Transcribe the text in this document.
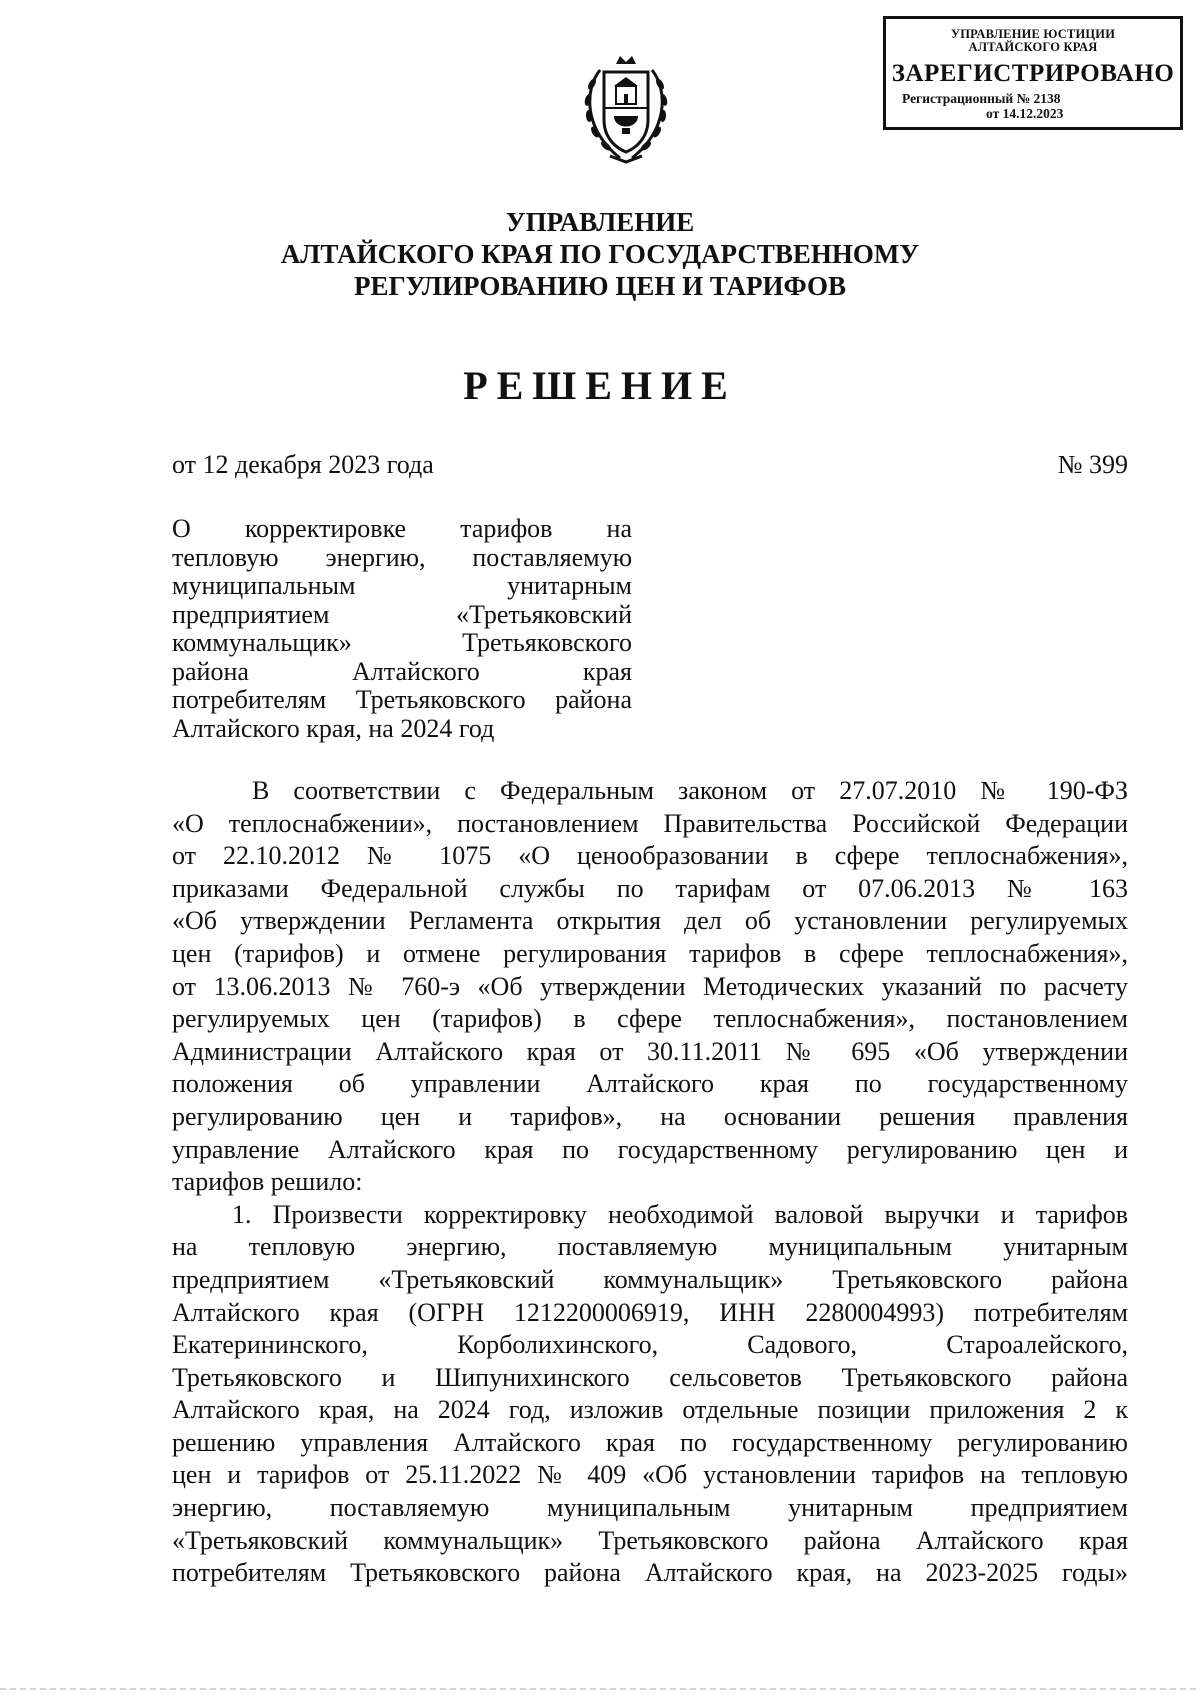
УПРАВЛЕНИЕ ЮСТИЦИИ
АЛТАЙСКОГО КРАЯ
ЗАРЕГИСТРИРОВАНО
Регистрационный № 2138
от 14.12.2023
УПРАВЛЕНИЕ
АЛТАЙСКОГО КРАЯ ПО ГОСУДАРСТВЕННОМУ
РЕГУЛИРОВАНИЮ ЦЕН И ТАРИФОВ
РЕШЕНИЕ
от 12 декабря 2023 года	№ 399
О корректировке тарифов на
тепловую энергию, поставляемую
муниципальным унитарным
предприятием «Третьяковский
коммунальщик» Третьяковского
района Алтайского края
потребителям Третьяковского района
Алтайского края, на 2024 год
В соответствии с Федеральным законом от 27.07.2010 № 190-ФЗ
«О теплоснабжении», постановлением Правительства Российской Федерации
от 22.10.2012 № 1075 «О ценообразовании в сфере теплоснабжения»,
приказами Федеральной службы по тарифам от 07.06.2013 № 163
«Об утверждении Регламента открытия дел об установлении регулируемых
цен (тарифов) и отмене регулирования тарифов в сфере теплоснабжения»,
от 13.06.2013 № 760-э «Об утверждении Методических указаний по расчету
регулируемых цен (тарифов) в сфере теплоснабжения», постановлением
Администрации Алтайского края от 30.11.2011 № 695 «Об утверждении
положения об управлении Алтайского края по государственному
регулированию цен и тарифов», на основании решения правления
управление Алтайского края по государственному регулированию цен и
тарифов решило:
1. Произвести корректировку необходимой валовой выручки и тарифов
на тепловую энергию, поставляемую муниципальным унитарным
предприятием «Третьяковский коммунальщик» Третьяковского района
Алтайского края (ОГРН 1212200006919, ИНН 2280004993) потребителям
Екатерининского, Корболихинского, Садового, Староалейского,
Третьяковского и Шипунихинского сельсоветов Третьяковского района
Алтайского края, на 2024 год, изложив отдельные позиции приложения 2 к
решению управления Алтайского края по государственному регулированию
цен и тарифов от 25.11.2022 № 409 «Об установлении тарифов на тепловую
энергию, поставляемую муниципальным унитарным предприятием
«Третьяковский коммунальщик» Третьяковского района Алтайского края
потребителям Третьяковского района Алтайского края, на 2023-2025 годы»
